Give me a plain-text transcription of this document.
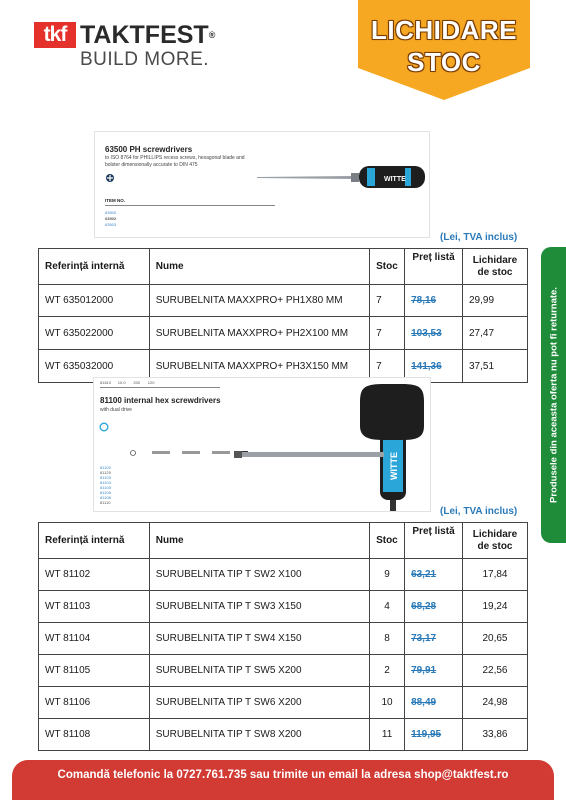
tkf TAKTFEST®
BUILD MORE.
LICHIDARE
STOC
63500 PH screwdrivers
to ISO 8764 for PHILLIPS recess screws, hexagonal blade and
bolster dimensionally accurate to DIN 475
WITTE
ITEM NO.
63500
63502
63503
(Lei, TVA inclus)
Referință internă	Nume	Stoc	Preț listă	Lichidare de stoc
WT 635012000	SURUBELNITA MAXXPRO+ PH1X80 MM	7	78,16	29,99
WT 635022000	SURUBELNITA MAXXPRO+ PH2X100 MM	7	103,53	27,47
WT 635032000	SURUBELNITA MAXXPRO+ PH3X150 MM	7	141,36	37,51
81610      10.0       200       120
81100 internal hex screwdrivers
with dual drive
81102
81125
81103
81104
81105
81106
81108
81110
WITTE
(Lei, TVA inclus)
Referință internă	Nume	Stoc	Preț listă	Lichidare de stoc
WT 81102	SURUBELNITA TIP T SW2 X100	9	63,21	17,84
WT 81103	SURUBELNITA TIP T SW3 X150	4	68,28	19,24
WT 81104	SURUBELNITA TIP T SW4 X150	8	73,17	20,65
WT 81105	SURUBELNITA TIP T SW5 X200	2	79,91	22,56
WT 81106	SURUBELNITA TIP T SW6 X200	10	88,49	24,98
WT 81108	SURUBELNITA TIP T SW8 X200	11	119,95	33,86
Produsele din aceasta oferta nu pot fi returnate.
Comandă telefonic la 0727.761.735 sau trimite un email la adresa shop@taktfest.ro
